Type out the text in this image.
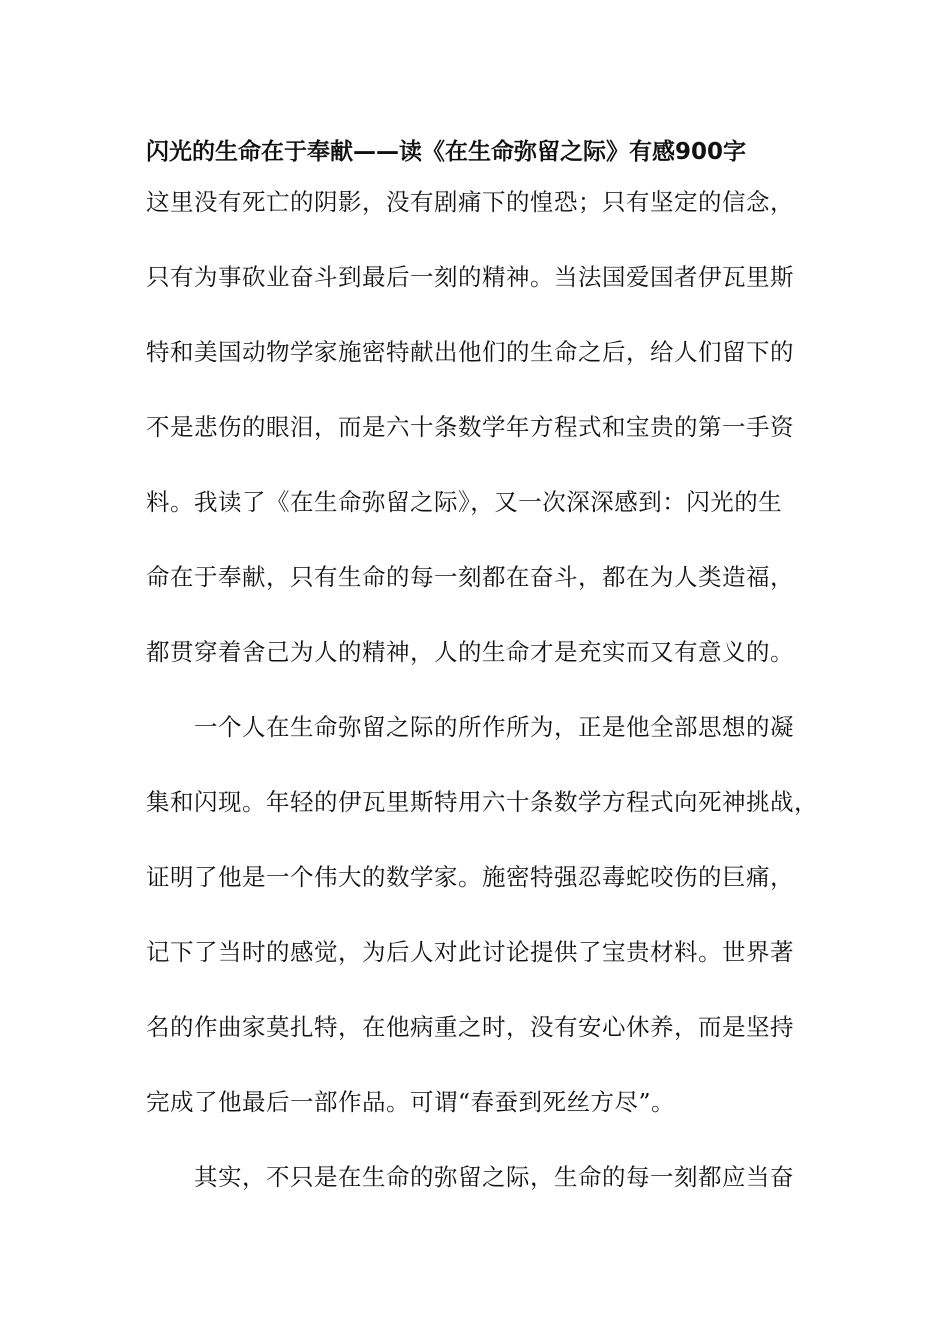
闪光的生命在于奉献——读《在生命弥留之际》有感900字
这里没有死亡的阴影，没有剧痛下的惶恐；只有坚定的信念，
只有为事砍业奋斗到最后一刻的精神。当法国爱国者伊瓦里斯
特和美国动物学家施密特献出他们的生命之后，给人们留下的
不是悲伤的眼泪，而是六十条数学年方程式和宝贵的第一手资
料。我读了《在生命弥留之际》，又一次深深感到：闪光的生
命在于奉献，只有生命的每一刻都在奋斗，都在为人类造福，
都贯穿着舍己为人的精神，人的生命才是充实而又有意义的。
　　一个人在生命弥留之际的所作所为，正是他全部思想的凝
集和闪现。年轻的伊瓦里斯特用六十条数学方程式向死神挑战，
证明了他是一个伟大的数学家。施密特强忍毒蛇咬伤的巨痛，
记下了当时的感觉，为后人对此讨论提供了宝贵材料。世界著
名的作曲家莫扎特，在他病重之时，没有安心休养，而是坚持
完成了他最后一部作品。可谓“春蚕到死丝方尽”。
　　其实，不只是在生命的弥留之际，生命的每一刻都应当奋
